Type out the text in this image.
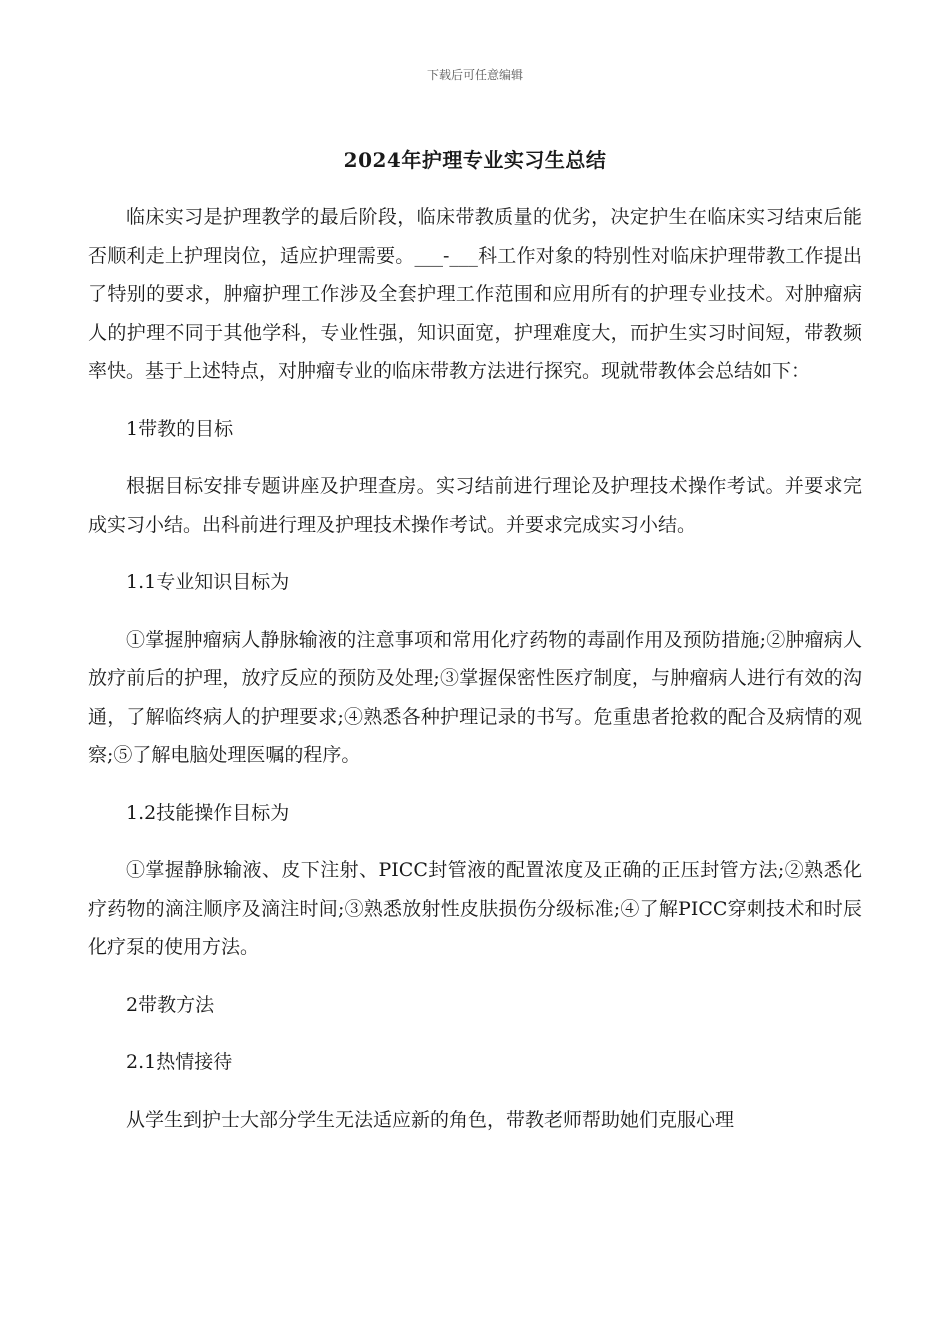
下载后可任意编辑
2024年护理专业实习生总结

临床实习是护理教学的最后阶段，临床带教质量的优劣，决定护生在临床实习结束后能否顺利走上护理岗位，适应护理需要。___-___科工作对象的特别性对临床护理带教工作提出了特别的要求，肿瘤护理工作涉及全套护理工作范围和应用所有的护理专业技术。对肿瘤病人的护理不同于其他学科，专业性强，知识面宽，护理难度大，而护生实习时间短，带教频率快。基于上述特点，对肿瘤专业的临床带教方法进行探究。现就带教体会总结如下：

1带教的目标

根据目标安排专题讲座及护理查房。实习结前进行理论及护理技术操作考试。并要求完成实习小结。出科前进行理及护理技术操作考试。并要求完成实习小结。

1.1专业知识目标为

①掌握肿瘤病人静脉输液的注意事项和常用化疗药物的毒副作用及预防措施;②肿瘤病人放疗前后的护理，放疗反应的预防及处理;③掌握保密性医疗制度，与肿瘤病人进行有效的沟通，了解临终病人的护理要求;④熟悉各种护理记录的书写。危重患者抢救的配合及病情的观察;⑤了解电脑处理医嘱的程序。

1.2技能操作目标为

①掌握静脉输液、皮下注射、PICC封管液的配置浓度及正确的正压封管方法;②熟悉化疗药物的滴注顺序及滴注时间;③熟悉放射性皮肤损伤分级标准;④了解PICC穿刺技术和时辰化疗泵的使用方法。

2带教方法

2.1热情接待

从学生到护士大部分学生无法适应新的角色，带教老师帮助她们克服心理
